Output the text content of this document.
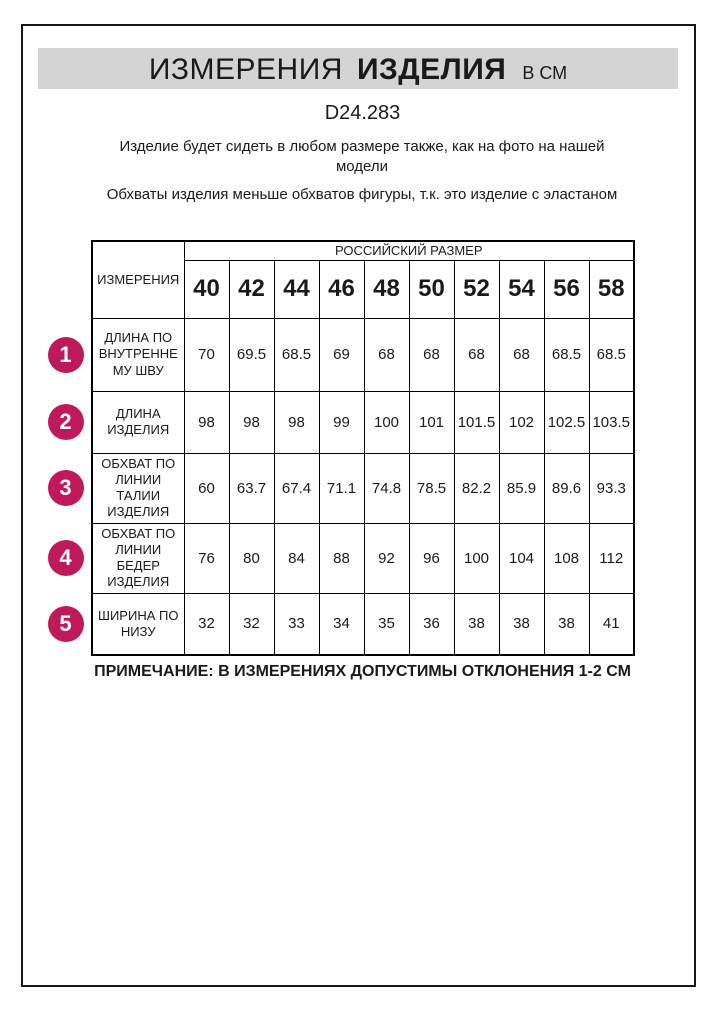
ИЗМЕРЕНИЯ ИЗДЕЛИЯ В СМ
D24.283
Изделие будет сидеть в любом размере также, как на фото на нашей модели
Обхваты изделия меньше обхватов фигуры, т.к. это изделие с эластаном
	ИЗМЕРЕНИЯ	РОССИЙСКИЙ РАЗМЕР									
		40	42	44	46	48	50	52	54	56	58

1	ДЛИНА ПО ВНУТРЕННЕМУ ШВУ	70	69.5	68.5	69	68	68	68	68	68.5	68.5

2	ДЛИНА ИЗДЕЛИЯ	98	98	98	99	100	101	101.5	102	102.5	103.5

3	ОБХВАТ ПО ЛИНИИ ТАЛИИ ИЗДЕЛИЯ	60	63.7	67.4	71.1	74.8	78.5	82.2	85.9	89.6	93.3

4	ОБХВАТ ПО ЛИНИИ БЕДЕР ИЗДЕЛИЯ	76	80	84	88	92	96	100	104	108	112

5	ШИРИНА ПО НИЗУ	32	32	33	34	35	36	38	38	38	41
ПРИМЕЧАНИЕ: В ИЗМЕРЕНИЯХ ДОПУСТИМЫ ОТКЛОНЕНИЯ 1-2 СМ
